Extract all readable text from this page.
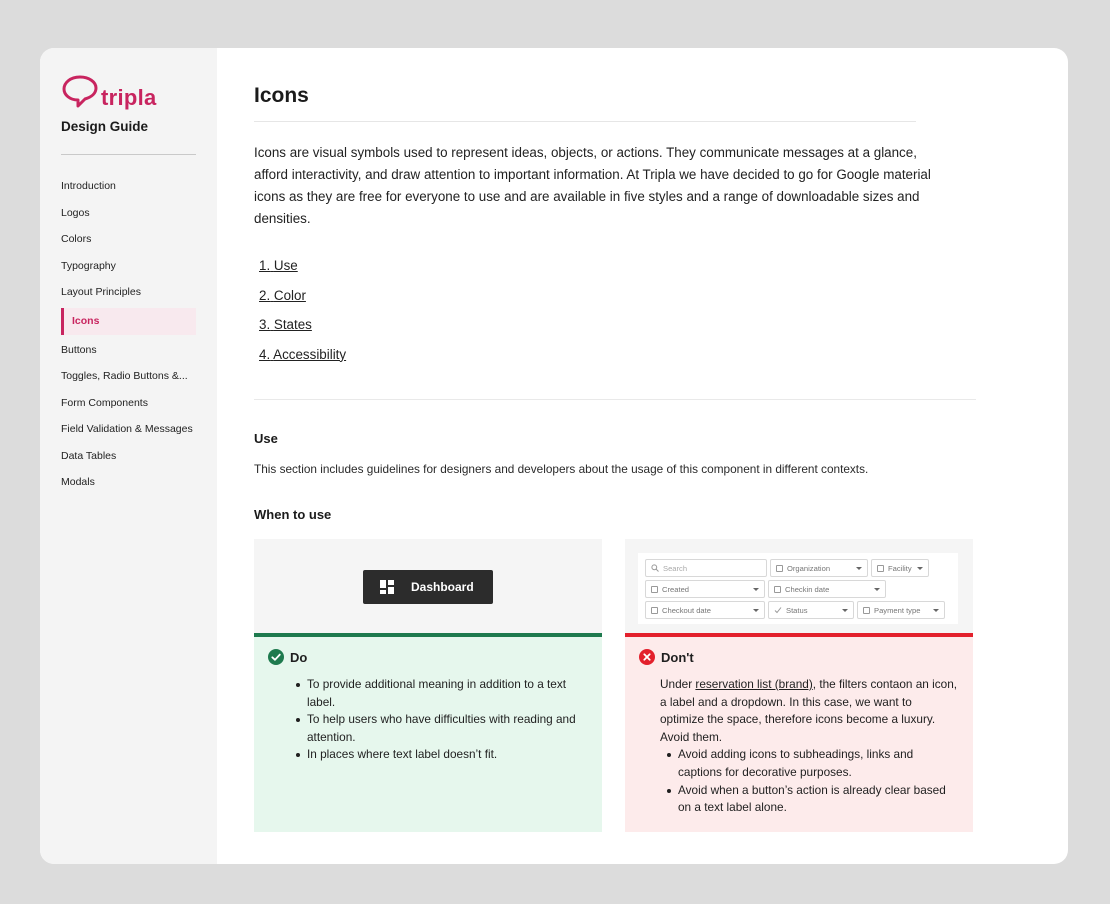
tripla
Design Guide
Introduction
Logos
Colors
Typography
Layout Principles
Icons
Buttons
Toggles, Radio Buttons &...
Form Components
Field Validation & Messages
Data Tables
Modals
Icons

Icons are visual symbols used to represent ideas, objects, or actions. They communicate messages at a glance, afford interactivity, and draw attention to important information. At Tripla we have decided to go for Google material icons as they are free for everyone to use and are available in five styles and a range of downloadable sizes and densities.

1. Use
2. Color
3. States
4. Accessibility
Use

This section includes guidelines for designers and developers about the usage of this component in different contexts.

When to use
Dashboard
Do
To provide additional meaning in addition to a text label.
To help users who have difficulties with reading and attention.
In places where text label doesn’t fit.
Search	Organization	Facility
Created	Checkin date
Checkout date	Status	Payment type
Don't

Under reservation list (brand), the filters contaon an icon, a label and a dropdown. In this case, we want to optimize the space, therefore icons become a luxury. Avoid them.

Avoid adding icons to subheadings, links and captions for decorative purposes.
Avoid when a button’s action is already clear based on a text label alone.
